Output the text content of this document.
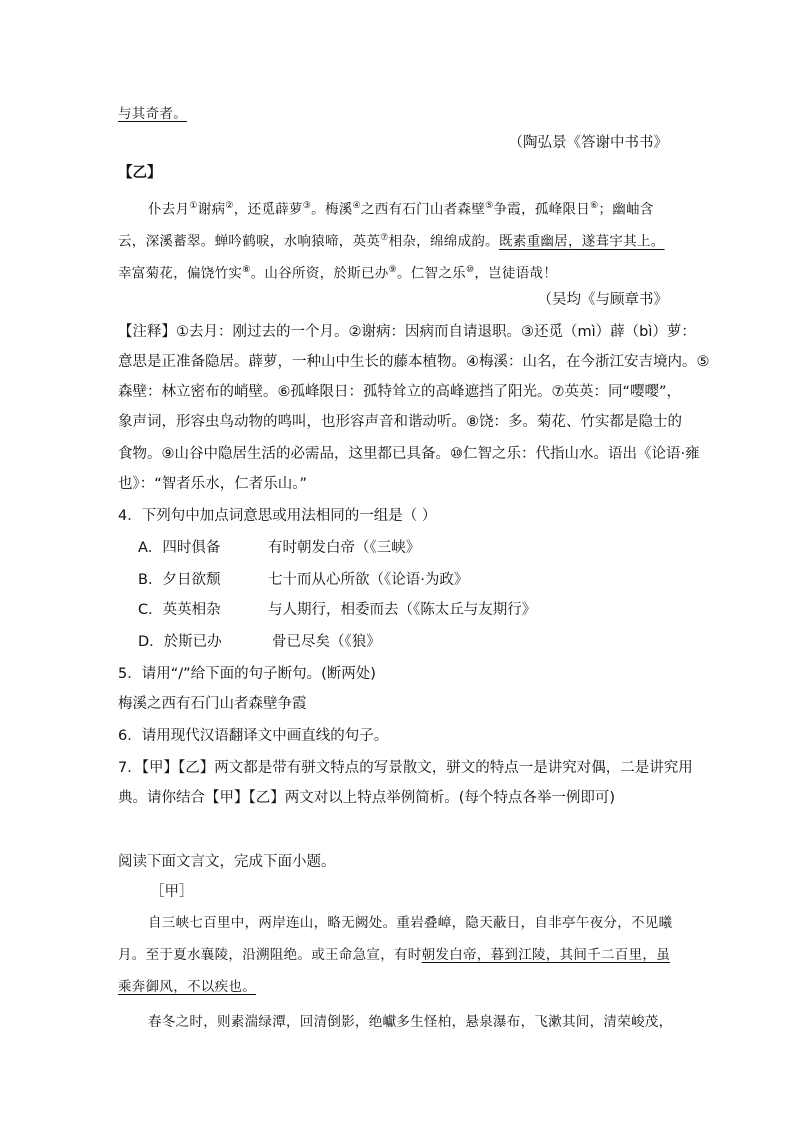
与其奇者。
（陶弘景《答谢中书书》
【乙】
仆去月①谢病②，还觅薜萝③。梅溪④之西有石门山者森壁⑤争霞，孤峰限日⑥；幽岫含
云，深溪蓄翠。蝉吟鹤唳，水响猿啼，英英⑦相杂，绵绵成韵。既素重幽居，遂葺宇其上。
幸富菊花，偏饶竹实⑧。山谷所资，於斯已办⑨。仁智之乐⑩，岂徒语哉！
（吴均《与顾章书》
【注释】①去月：刚过去的一个月。②谢病：因病而自请退职。③还觅（mì）薜（bì）萝：
意思是正准备隐居。薜萝，一种山中生长的藤本植物。④梅溪：山名，在今浙江安吉境内。⑤
森壁：林立密布的峭壁。⑥孤峰限日：孤特耸立的高峰遮挡了阳光。⑦英英：同“嘤嘤”，
象声词，形容虫鸟动物的鸣叫，也形容声音和谐动听。⑧饶：多。菊花、竹实都是隐士的
食物。⑨山谷中隐居生活的必需品，这里都已具备。⑩仁智之乐：代指山水。语出《论语·雍
也》：“智者乐水，仁者乐山。”
4．下列句中加点词意思或用法相同的一组是（ ）
A．四时俱备	有时朝发白帝（《三峡》
B．夕日欲颓	七十而从心所欲（《论语·为政》
C．英英相杂	与人期行，相委而去（《陈太丘与友期行》
D．於斯已办	骨已尽矣（《狼》
5．请用“/”给下面的句子断句。(断两处)
梅溪之西有石门山者森壁争霞
6．请用现代汉语翻译文中画直线的句子。
7．【甲】【乙】两文都是带有骈文特点的写景散文，骈文的特点一是讲究对偶，二是讲究用
典。请你结合【甲】【乙】两文对以上特点举例简析。(每个特点各举一例即可)
阅读下面文言文，完成下面小题。
［甲］
自三峡七百里中，两岸连山，略无阙处。重岩叠嶂，隐天蔽日，自非亭午夜分，不见曦
月。至于夏水襄陵，沿溯阻绝。或王命急宣，有时朝发白帝，暮到江陵，其间千二百里，虽
乘奔御风，不以疾也。
春冬之时，则素湍绿潭，回清倒影，绝巘多生怪柏，悬泉瀑布，飞漱其间，清荣峻茂，
